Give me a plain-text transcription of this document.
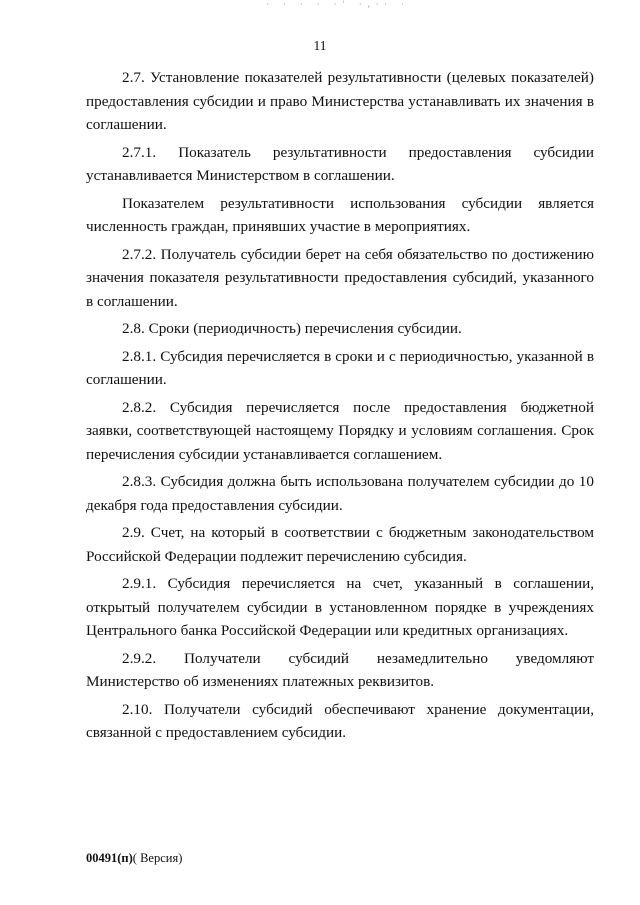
· · · · ·' ·,·· ·
11

2.7. Установление показателей результативности (целевых показателей) предоставления субсидии и право Министерства устанавливать их значения в соглашении.

2.7.1. Показатель результативности предоставления субсидии устанавливается Министерством в соглашении.

Показателем результативности использования субсидии является численность граждан, принявших участие в мероприятиях.

2.7.2. Получатель субсидии берет на себя обязательство по достижению значения показателя результативности предоставления субсидий, указанного в соглашении.

2.8. Сроки (периодичность) перечисления субсидии.

2.8.1. Субсидия перечисляется в сроки и с периодичностью, указанной в соглашении.

2.8.2. Субсидия перечисляется после предоставления бюджетной заявки, соответствующей настоящему Порядку и условиям соглашения. Срок перечисления субсидии устанавливается соглашением.

2.8.3. Субсидия должна быть использована получателем субсидии до 10 декабря года предоставления субсидии.

2.9. Счет, на который в соответствии с бюджетным законодательством Российской Федерации подлежит перечислению субсидия.

2.9.1. Субсидия перечисляется на счет, указанный в соглашении, открытый получателем субсидии в установленном порядке в учреждениях Центрального банка Российской Федерации или кредитных организациях.

2.9.2. Получатели субсидий незамедлительно уведомляют Министерство об изменениях платежных реквизитов.

2.10. Получатели субсидий обеспечивают хранение документации, связанной с предоставлением субсидии.

00491(п)( Версия)
